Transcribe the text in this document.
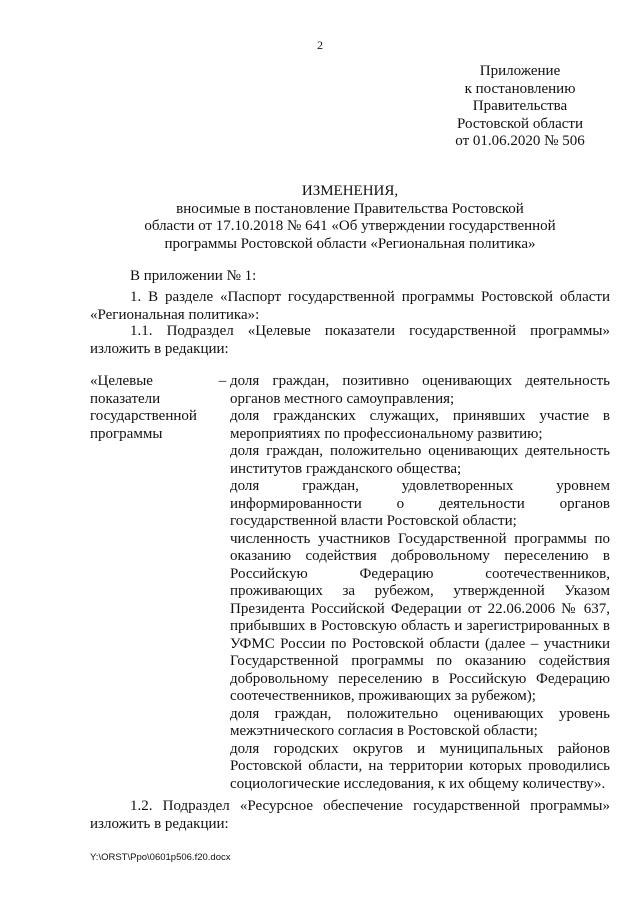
2
Приложение
к постановлению
Правительства
Ростовской области
от 01.06.2020 № 506
ИЗМЕНЕНИЯ,
вносимые в постановление Правительства Ростовской
области от 17.10.2018 № 641 «Об утверждении государственной
программы Ростовской области «Региональная политика»
В приложении № 1:
1. В разделе «Паспорт государственной программы Ростовской области
«Региональная политика»:
1.1. Подраздел «Целевые показатели государственной программы»
изложить в редакции:
«Целевые
показатели
государственной
программы
– доля граждан, позитивно оценивающих деятельность органов местного самоуправления;
доля гражданских служащих, принявших участие в мероприятиях по профессиональному развитию;
доля граждан, положительно оценивающих деятельность институтов гражданского общества;
доля граждан, удовлетворенных уровнем информированности о деятельности органов государственной власти Ростовской области;
численность участников Государственной программы по оказанию содействия добровольному переселению в Российскую Федерацию соотечественников, проживающих за рубежом, утвержденной Указом Президента Российской Федерации от 22.06.2006 № 637, прибывших в Ростовскую область и зарегистрированных в УФМС России по Ростовской области (далее – участники Государственной программы по оказанию содействия добровольному переселению в Российскую Федерацию соотечественников, проживающих за рубежом);
доля граждан, положительно оценивающих уровень межэтнического согласия в Ростовской области;
доля городских округов и муниципальных районов Ростовской области, на территории которых проводились социологические исследования, к их общему количеству».
1.2. Подраздел «Ресурсное обеспечение государственной программы»
изложить в редакции:
Y:\ORST\Ppo\0601p506.f20.docx
